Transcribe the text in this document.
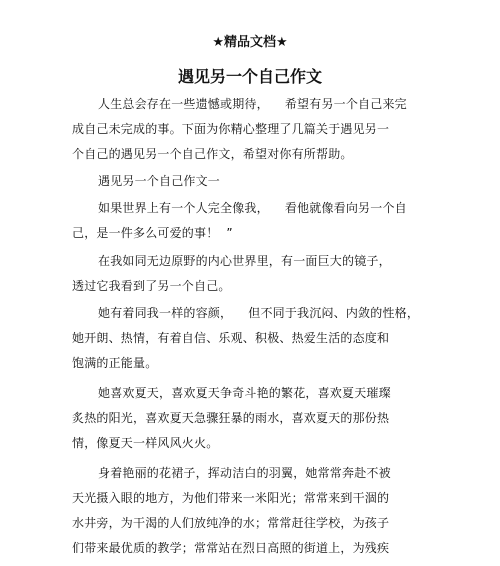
★精品文档★
遇见另一个自己作文

人生总会存在一些遗憾或期待，    希望有另一个自己来完
成自己未完成的事。下面为你精心整理了几篇关于遇见另一
个自己的遇见另一个自己作文，希望对你有所帮助。

遇见另一个自己作文一

如果世界上有一个人完全像我，    看他就像看向另一个自
己，是一件多么可爱的事！  ”

在我如同无边原野的内心世界里，有一面巨大的镜子，
透过它我看到了另一个自己。

她有着同我一样的容颜，    但不同于我沉闷、内敛的性格，
她开朗、热情，有着自信、乐观、积极、热爱生活的态度和
饱满的正能量。

她喜欢夏天，喜欢夏天争奇斗艳的繁花，喜欢夏天璀璨
炙热的阳光，喜欢夏天急骤狂暴的雨水，喜欢夏天的那份热
情，像夏天一样风风火火。

身着艳丽的花裙子，挥动洁白的羽翼，她常常奔赴不被
天光摄入眼的地方，为他们带来一米阳光；常常来到干涸的
水井旁，为干渴的人们放纯净的水；常常赶往学校，为孩子
们带来最优质的教学；常常站在烈日高照的街道上，为残疾
